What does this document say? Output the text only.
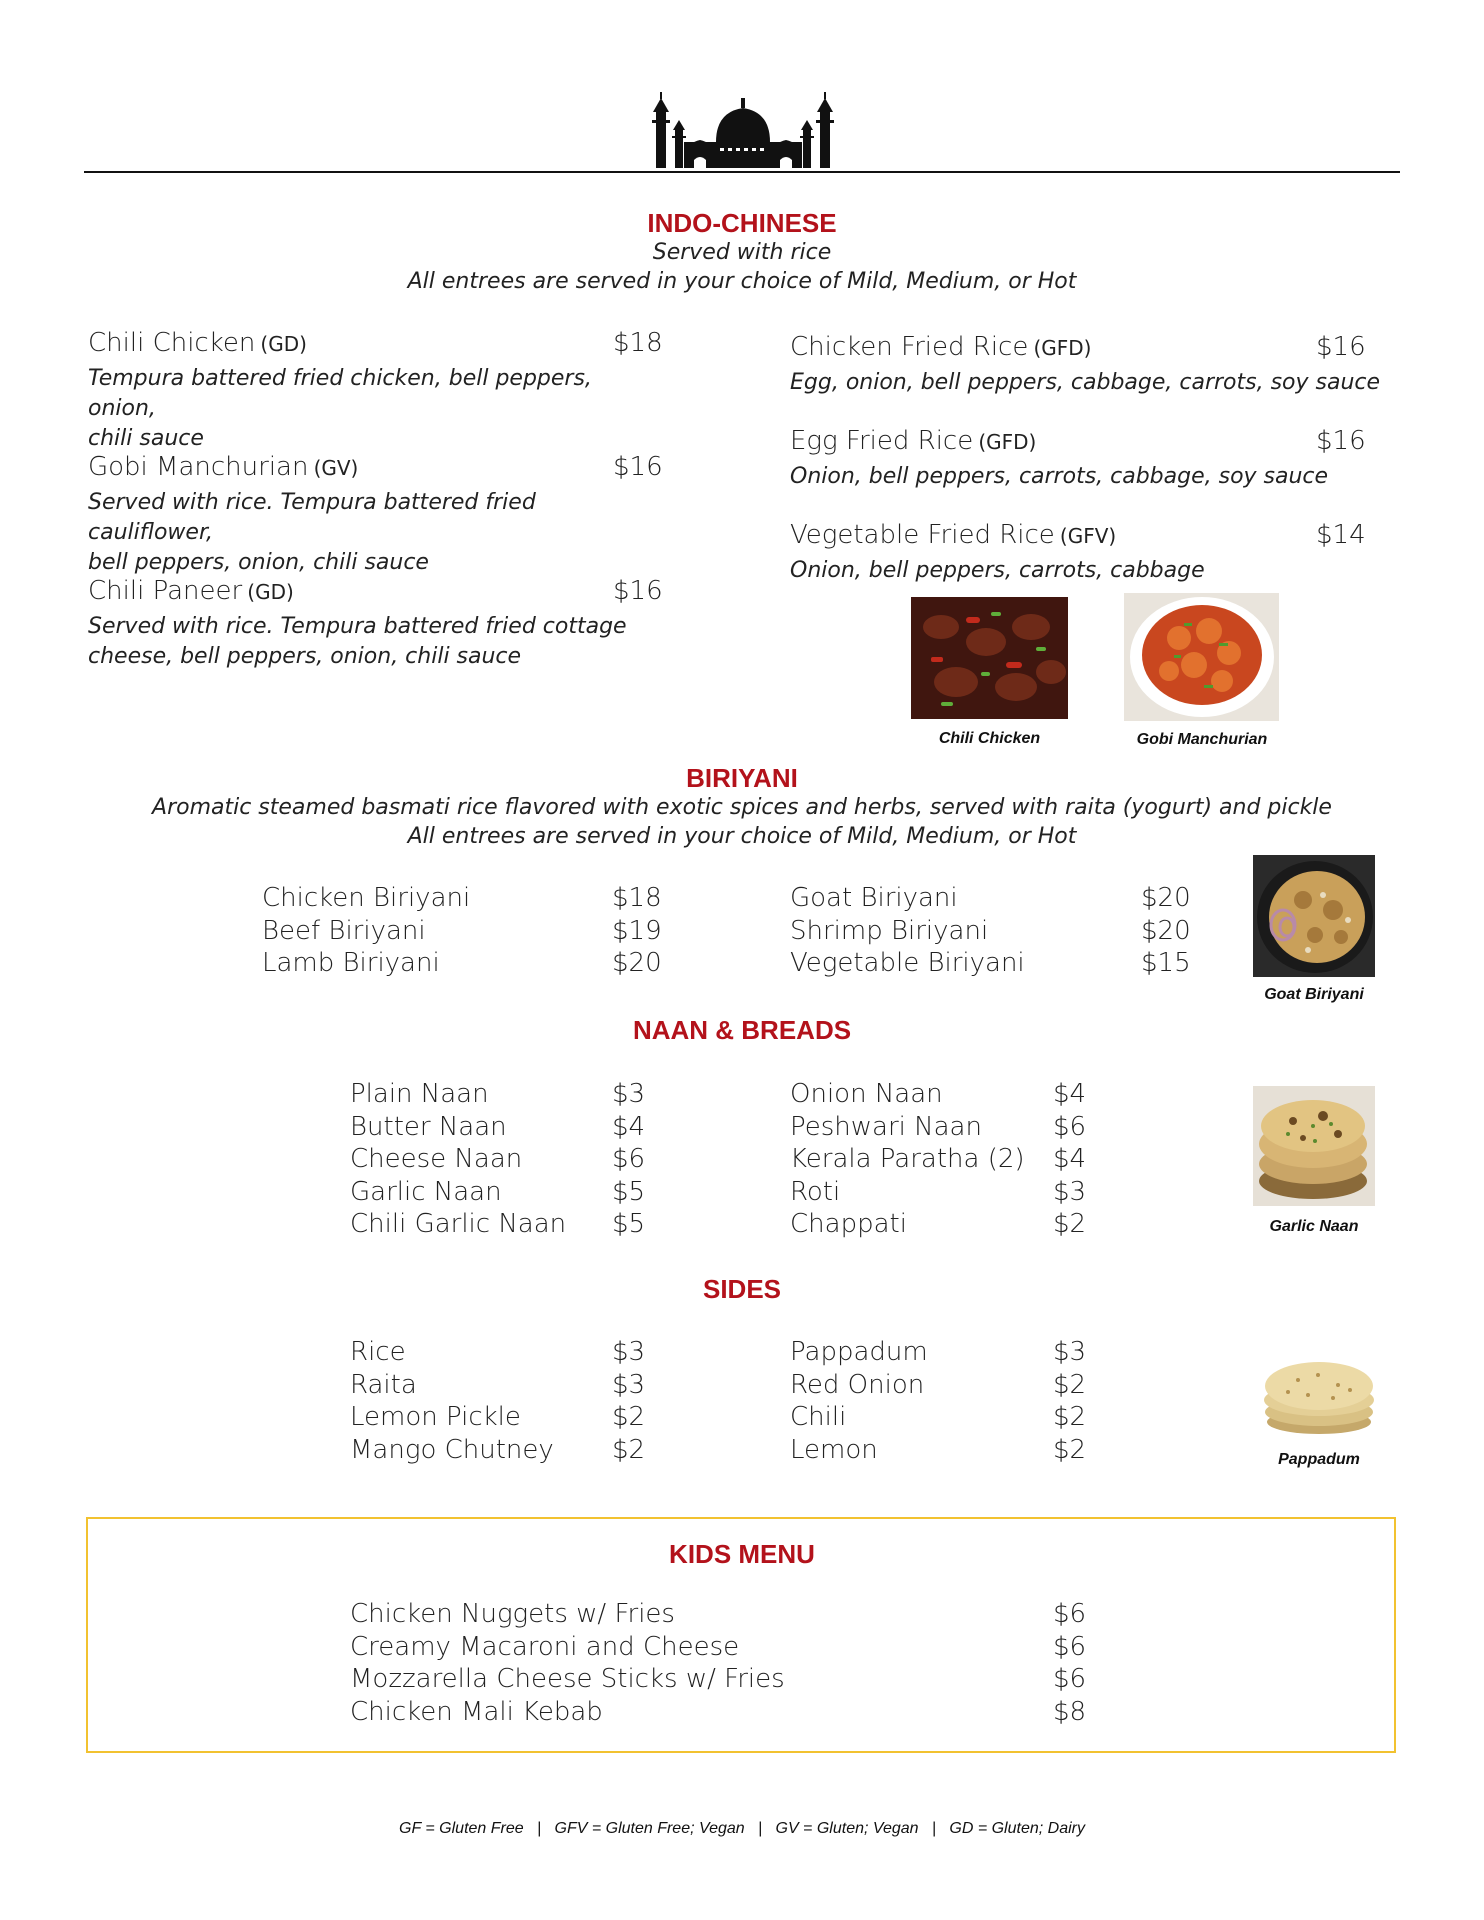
INDO-CHINESE
Served with rice
All entrees are served in your choice of Mild, Medium, or Hot
Chili Chicken (GD)	$18
Tempura battered fried chicken, bell peppers, onion,
chili sauce
Gobi Manchurian (GV)	$16
Served with rice. Tempura battered fried cauliflower,
bell peppers, onion, chili sauce
Chili Paneer (GD)	$16
Served with rice. Tempura battered fried cottage
cheese, bell peppers, onion, chili sauce
Chicken Fried Rice (GFD)	$16
Egg, onion, bell peppers, cabbage, carrots, soy sauce
Egg Fried Rice (GFD)	$16
Onion, bell peppers, carrots, cabbage, soy sauce
Vegetable Fried Rice (GFV)	$14
Onion, bell peppers, carrots, cabbage
Chili Chicken	Gobi Manchurian
BIRIYANI
Aromatic steamed basmati rice flavored with exotic spices and herbs, served with raita (yogurt) and pickle
All entrees are served in your choice of Mild, Medium, or Hot
Chicken Biriyani	$18
Beef Biriyani	$19
Lamb Biriyani	$20
Goat Biriyani	$20
Shrimp Biriyani	$20
Vegetable Biriyani	$15
Goat Biriyani
NAAN & BREADS
Plain Naan	$3
Butter Naan	$4
Cheese Naan	$6
Garlic Naan	$5
Chili Garlic Naan $5
Onion Naan	$4
Peshwari Naan	$6
Kerala Paratha (2) $4
Roti	$3
Chappati	$2	Garlic Naan
SIDES
Rice	$3
Raita	$3
Lemon Pickle	$2
Mango Chutney $2
Pappadum	$3
Red Onion	$2
Chili	$2
Lemon	$2	Pappadum
KIDS MENU
Chicken Nuggets w/ Fries	$6
Creamy Macaroni and Cheese	$6
Mozzarella Cheese Sticks w/ Fries	$6
Chicken Mali Kebab	$8
GF = Gluten Free   |   GFV = Gluten Free; Vegan   |   GV = Gluten; Vegan   |   GD = Gluten; Dairy
